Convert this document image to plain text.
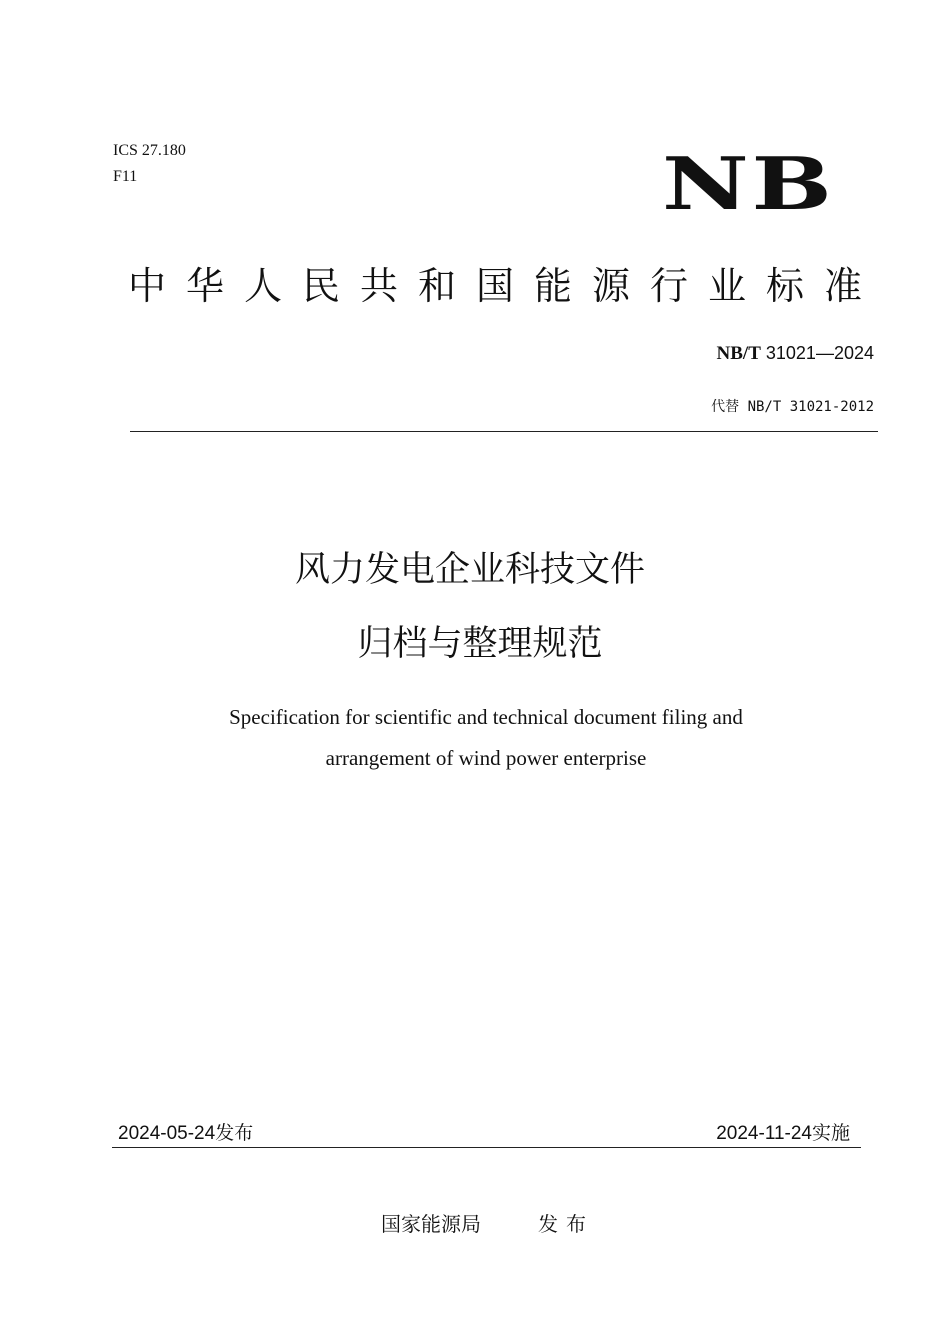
ICS 27.180
F11	NB
中华人民共和国能源行业标准
NB/T 31021—2024
代替 NB/T 31021-2012
风力发电企业科技文件
归档与整理规范
Specification for scientific and technical document filing and
arrangement of wind power enterprise
2024-05-24发布	2024-11-24实施
国家能源局	发布
